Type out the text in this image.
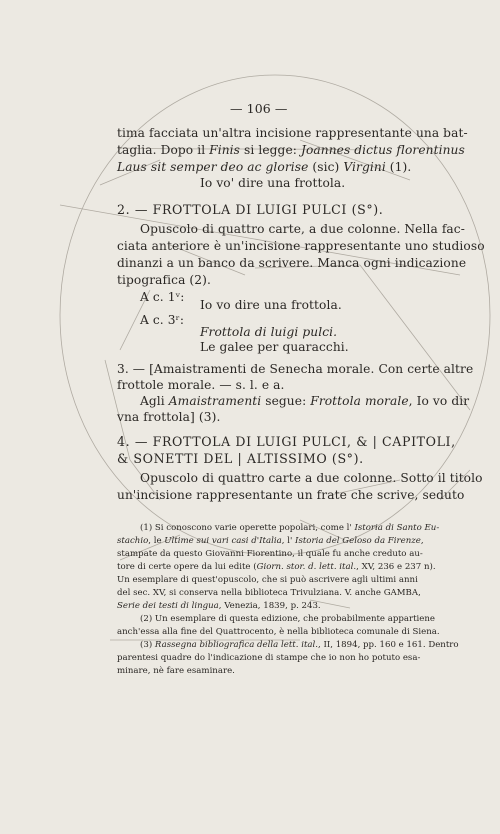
— 106 —
tima facciata un'altra incisione rappresentante una bat-
taglia. Dopo il Finis si legge: Joannes dictus florentinus
Laus sit semper deo ac glorise (sic) Virgini (1).
Io vo' dire una frottola.
2. — FROTTOLA DI LUIGI PULCI (S°).
Opuscolo di quattro carte, a due colonne. Nella fac-
ciata anteriore è un'incisione rappresentante uno studioso
dinanzi a un banco da scrivere. Manca ogni indicazione
tipografica (2).
A c. 1ᵛ:
Io vo dire una frottola.
A c. 3ʳ:
Frottola di luigi pulci.
Le galee per quaracchi.
3. — [Amaistramenti de Senecha morale. Con certe altre
frottole morale. — s. l. e a.
Agli Amaistramenti segue: Frottola morale, Io vo dir
vna frottola] (3).
4. — FROTTOLA DI LUIGI PULCI, & | CAPITOLI,
& SONETTI DEL | ALTISSIMO (S°).
Opuscolo di quattro carte a due colonne. Sotto il titolo
un'incisione rappresentante un frate che scrive, seduto
(1) Si conoscono varie operette popolari, come l' Istoria di Santo Eu-
stachio, le Ultime sui vari casi d'Italia, l' Istoria del Geloso da Firenze,
stampate da questo Giovanni Fiorentino, il quale fu anche creduto au-
tore di certe opere da lui edite (Giorn. stor. d. lett. ital., XV, 236 e 237 n).
Un esemplare di quest'opuscolo, che si può ascrivere agli ultimi anni
del sec. XV, si conserva nella biblioteca Trivulziana. V. anche GAMBA,
Serie dei testi di lingua, Venezia, 1839, p. 243.
(2) Un esemplare di questa edizione, che probabilmente appartiene
anch'essa alla fine del Quattrocento, è nella biblioteca comunale di Siena.
(3) Rassegna bibliografica della lett. ital., II, 1894, pp. 160 e 161. Dentro
parentesi quadre do l'indicazione di stampe che io non ho potuto esa-
minare, nè fare esaminare.
